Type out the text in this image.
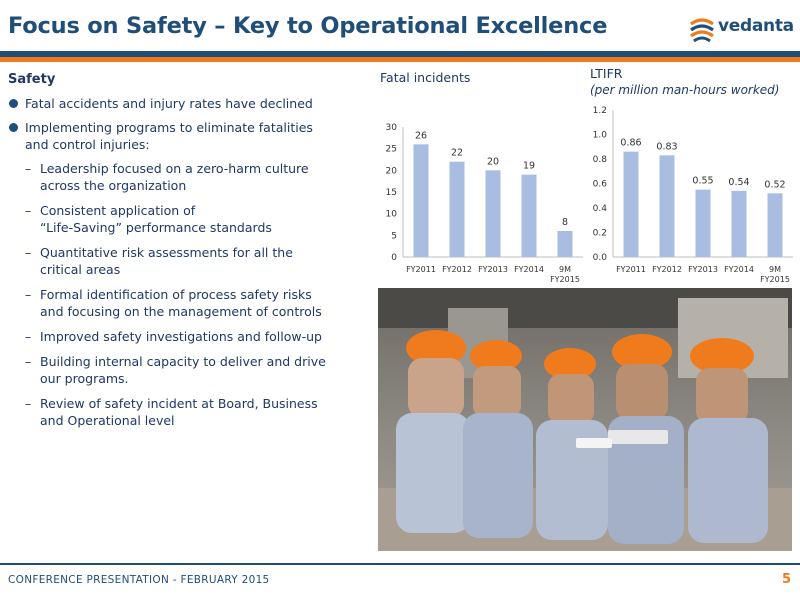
Focus on Safety – Key to Operational Excellence	vedanta
Safety
Fatal accidents and injury rates have declined
Implementing programs to eliminate fatalities
and control injuries:
– Leadership focused on a zero-harm culture
across the organization
– Consistent application of
“Life-Saving” performance standards
– Quantitative risk assessments for all the
critical areas
– Formal identification of process safety risks
and focusing on the management of controls
– Improved safety investigations and follow-up
– Building internal capacity to deliver and drive
our programs.
– Review of safety incident at Board, Business
and Operational level
Fatal incidents
0
5
10
15
20
25
30
26
FY2011
22
FY2012
20
FY2013
19
FY2014
8
9M FY2015
LTIFR
(per million man-hours worked)
0.0
0.2
0.4
0.6
0.8
1.0
1.2
0.86
FY2011
0.83
FY2012
0.55
FY2013
0.54
FY2014
0.52
9M FY2015
CONFERENCE PRESENTATION - FEBRUARY 2015	5
